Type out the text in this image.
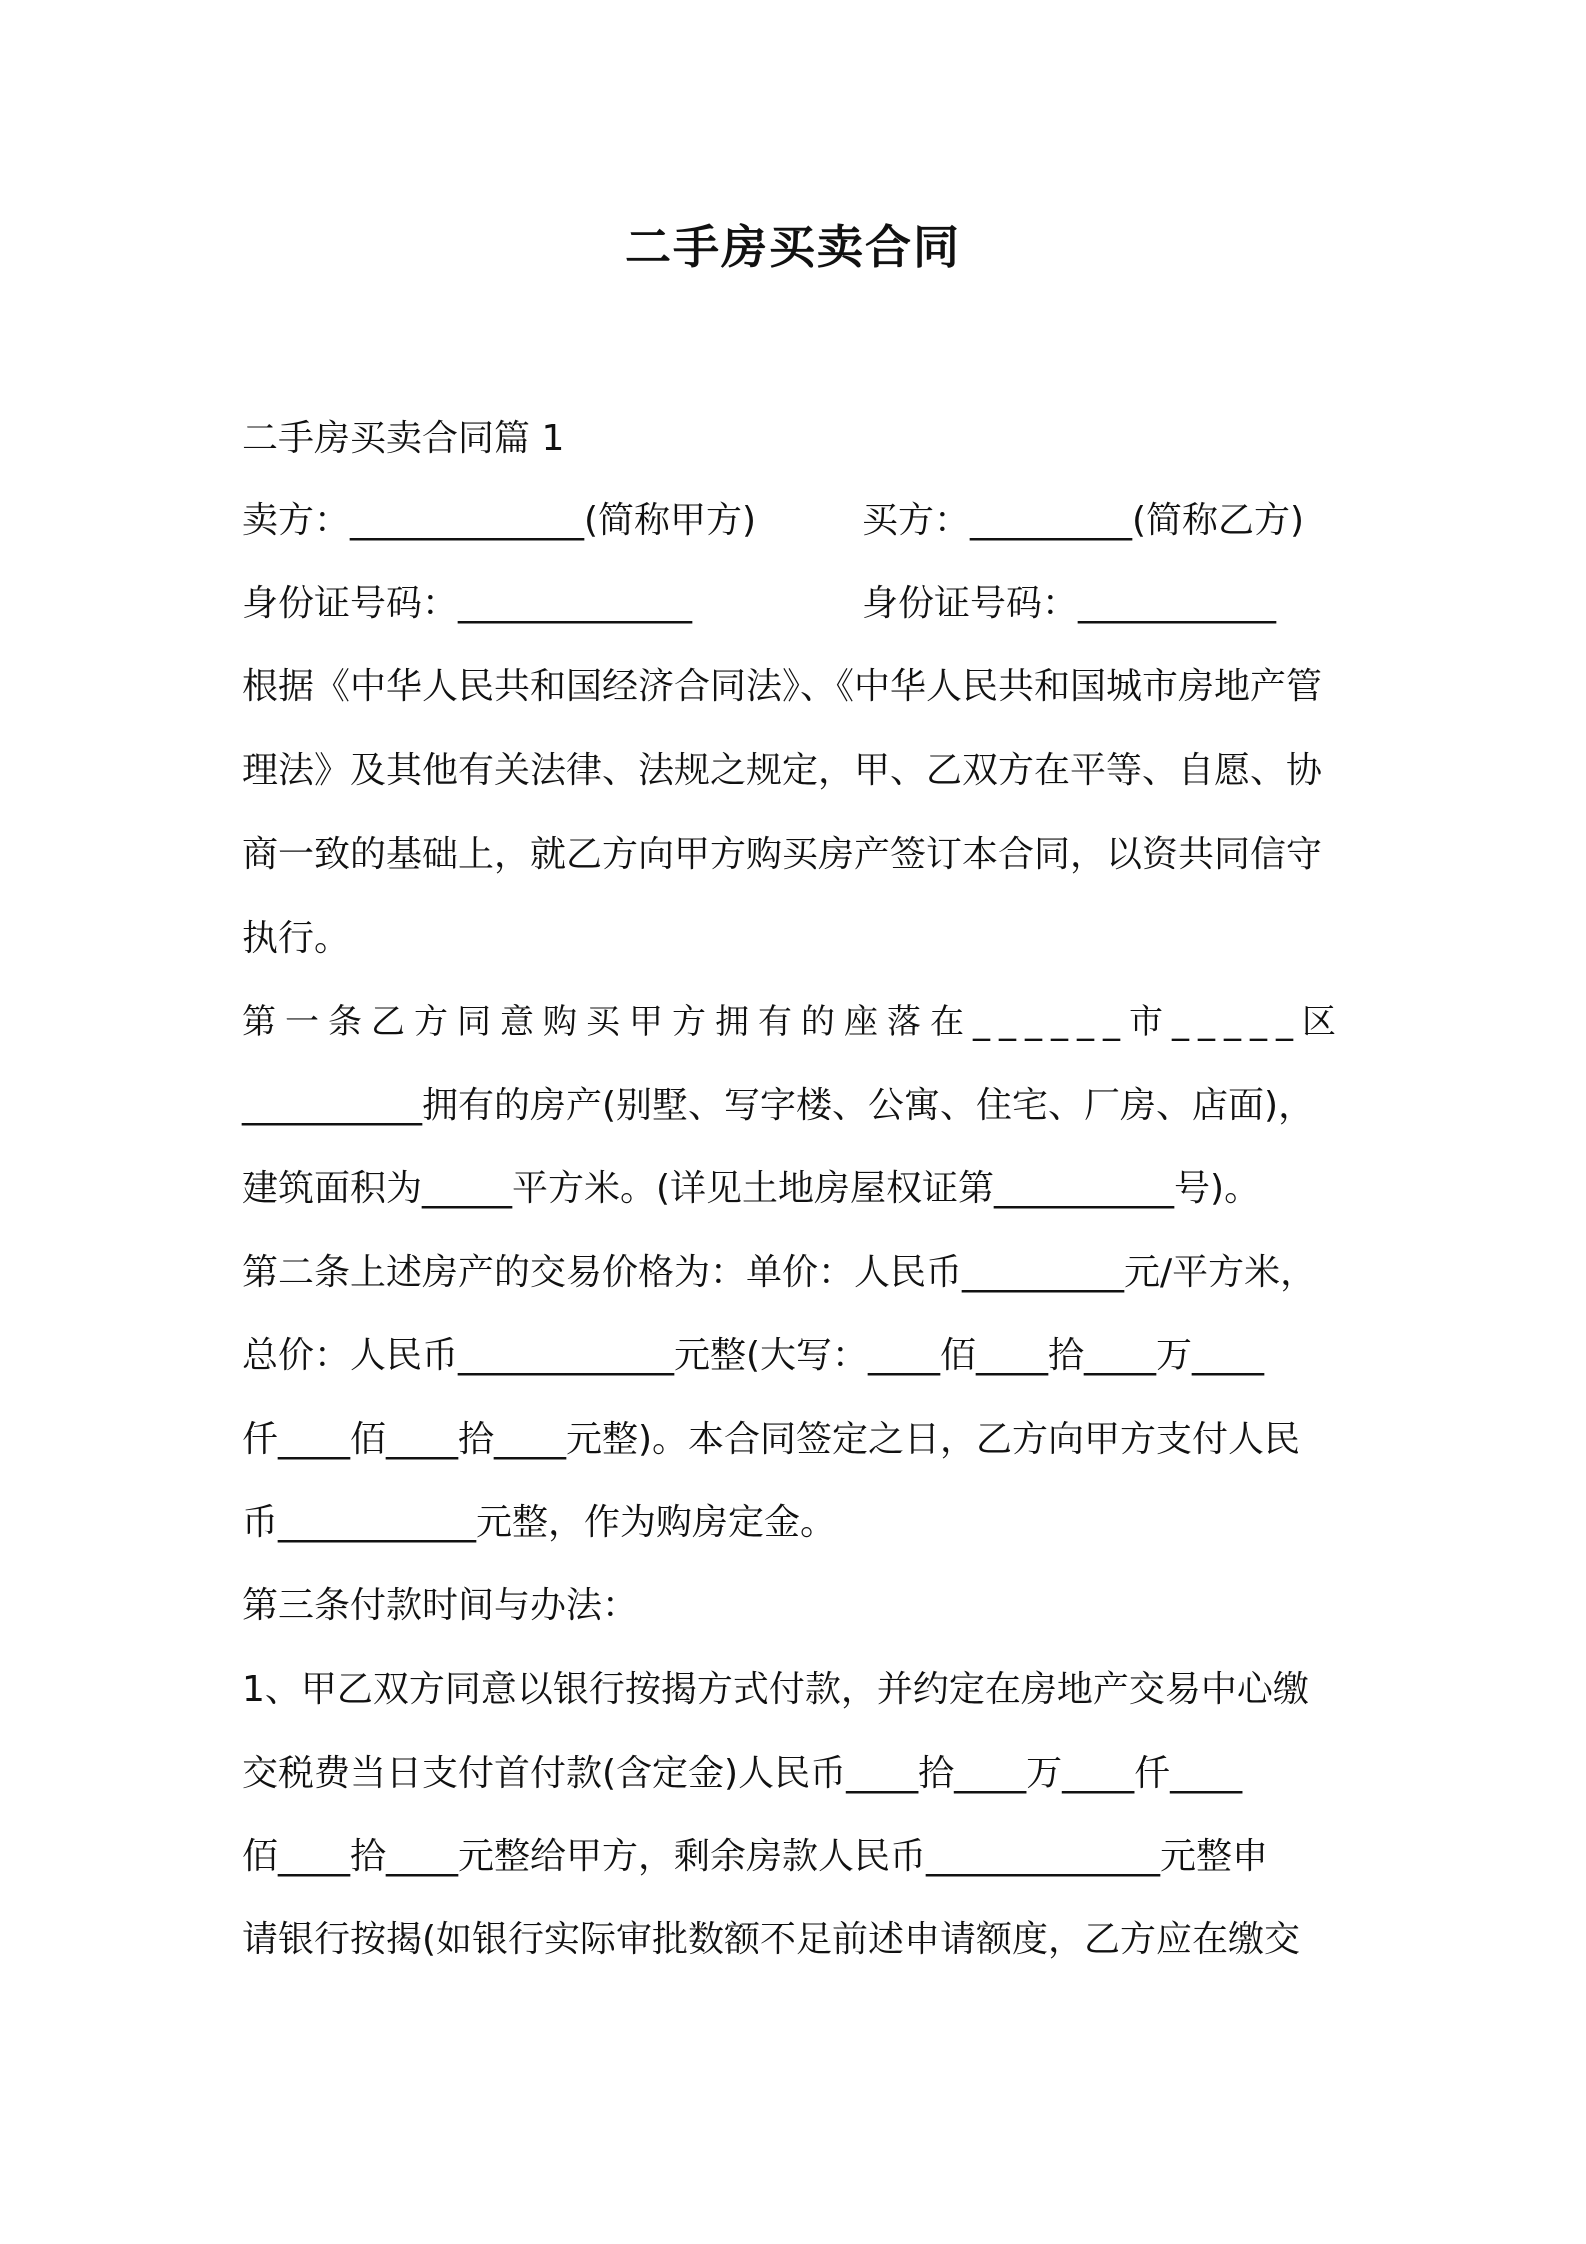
二手房买卖合同
二手房买卖合同篇 1
卖方：_____________(简称甲方)	买方：_________(简称乙方)
身份证号码：_____________	身份证号码：___________
根据《中华人民共和国经济合同法》、《中华人民共和国城市房地产管
理法》及其他有关法律、法规之规定，甲、乙双方在平等、自愿、协
商一致的基础上，就乙方向甲方购买房产签订本合同，以资共同信守
执行。
第一条乙方同意购买甲方拥有的座落在______市_____区
__________拥有的房产(别墅、写字楼、公寓、住宅、厂房、店面)，
建筑面积为_____平方米。(详见土地房屋权证第__________号)。
第二条上述房产的交易价格为：单价：人民币_________元/平方米，
总价：人民币____________元整(大写：____佰____拾____万____
仟____佰____拾____元整)。本合同签定之日，乙方向甲方支付人民
币___________元整，作为购房定金。
第三条付款时间与办法：
1、甲乙双方同意以银行按揭方式付款，并约定在房地产交易中心缴
交税费当日支付首付款(含定金)人民币____拾____万____仟____
佰____拾____元整给甲方，剩余房款人民币_____________元整申
请银行按揭(如银行实际审批数额不足前述申请额度，乙方应在缴交
